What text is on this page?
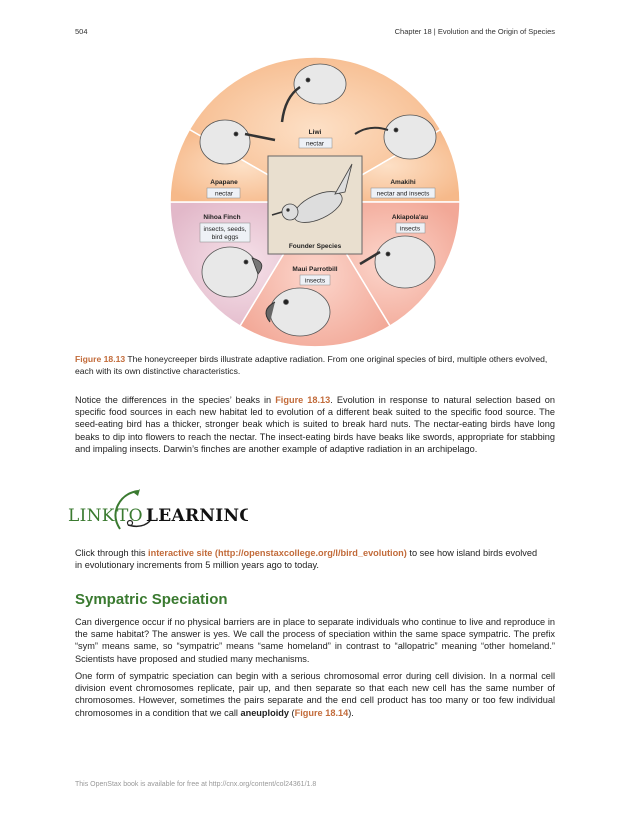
504	Chapter 18 | Evolution and the Origin of Species
Founder Species
Liwi
nectar
Apapane
nectar
Amakihi
nectar and insects
Nihoa Finch
insects, seeds,
bird eggs
Akiapola'au
insects
Maui Parrotbill
insects
Figure 18.13 The honeycreeper birds illustrate adaptive radiation. From one original species of bird, multiple others evolved, each with its own distinctive characteristics.

Notice the differences in the species’ beaks in Figure 18.13. Evolution in response to natural selection based on specific food sources in each new habitat led to evolution of a different beak suited to the specific food source. The seed-eating bird has a thicker, stronger beak which is suited to break hard nuts. The nectar-eating birds have long beaks to dip into flowers to reach the nectar. The insect-eating birds have beaks like swords, appropriate for stabbing and impaling insects. Darwin’s finches are another example of adaptive radiation in an archipelago.

LINK TO LEARNING
Click through this interactive site (http://openstaxcollege.org/l/bird_evolution) to see how island birds evolved in evolutionary increments from 5 million years ago to today.
Sympatric Speciation

Can divergence occur if no physical barriers are in place to separate individuals who continue to live and reproduce in the same habitat? The answer is yes. We call the process of speciation within the same space sympatric. The prefix “sym” means same, so “sympatric” means “same homeland” in contrast to “allopatric” meaning “other homeland.” Scientists have proposed and studied many mechanisms.

One form of sympatric speciation can begin with a serious chromosomal error during cell division. In a normal cell division event chromosomes replicate, pair up, and then separate so that each new cell has the same number of chromosomes. However, sometimes the pairs separate and the end cell product has too many or too few individual chromosomes in a condition that we call aneuploidy (Figure 18.14).

This OpenStax book is available for free at http://cnx.org/content/col24361/1.8
